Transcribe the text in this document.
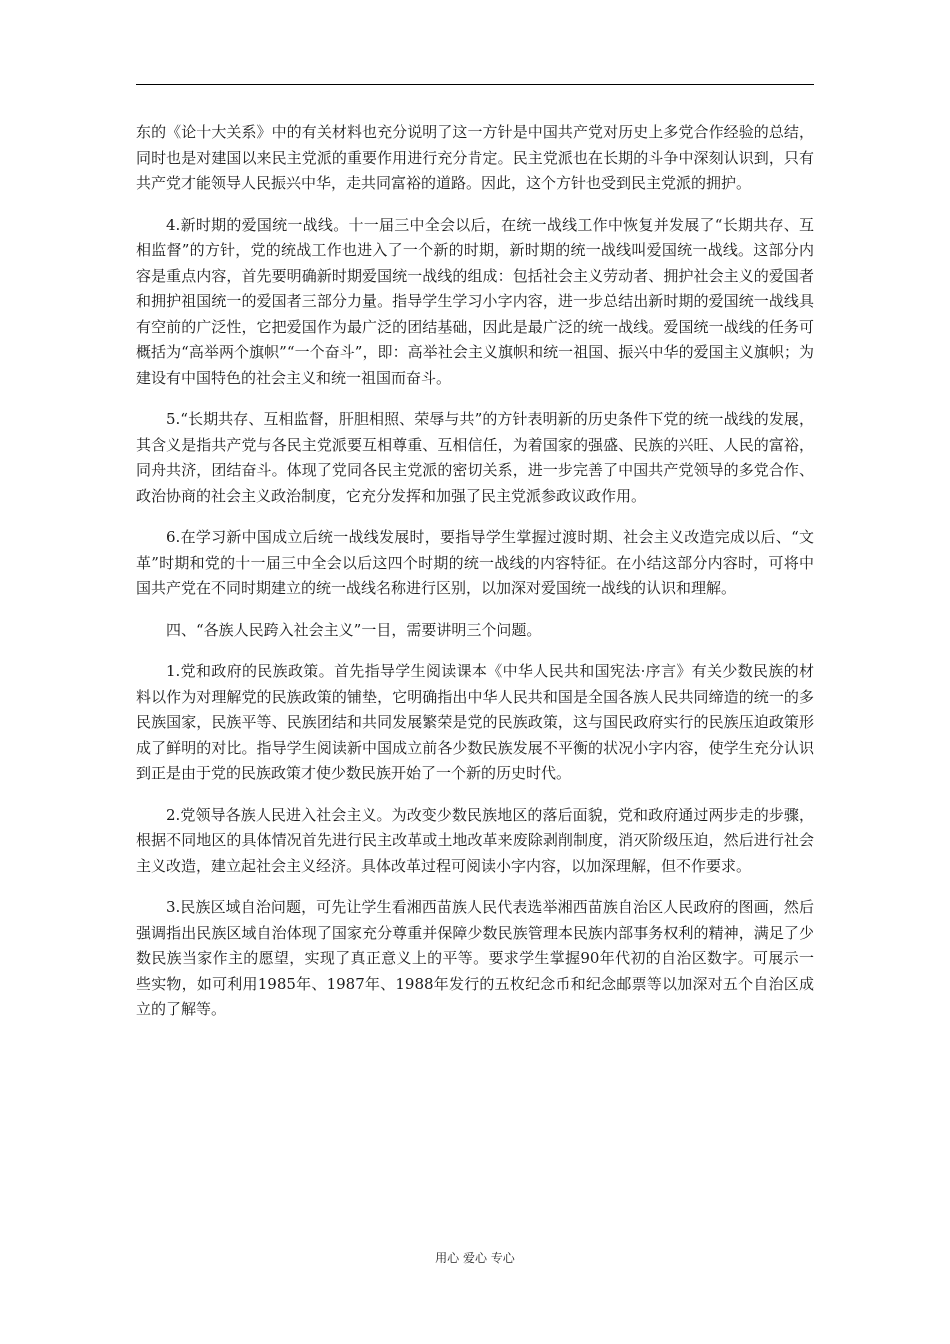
东的《论十大关系》中的有关材料也充分说明了这一方针是中国共产党对历史上多党合作经验的总结，同时也是对建国以来民主党派的重要作用进行充分肯定。民主党派也在长期的斗争中深刻认识到，只有共产党才能领导人民振兴中华，走共同富裕的道路。因此，这个方针也受到民主党派的拥护。

4.新时期的爱国统一战线。十一届三中全会以后，在统一战线工作中恢复并发展了“长期共存、互相监督”的方针，党的统战工作也进入了一个新的时期，新时期的统一战线叫爱国统一战线。这部分内容是重点内容，首先要明确新时期爱国统一战线的组成：包括社会主义劳动者、拥护社会主义的爱国者和拥护祖国统一的爱国者三部分力量。指导学生学习小字内容，进一步总结出新时期的爱国统一战线具有空前的广泛性，它把爱国作为最广泛的团结基础，因此是最广泛的统一战线。爱国统一战线的任务可概括为“高举两个旗帜”“一个奋斗”，即：高举社会主义旗帜和统一祖国、振兴中华的爱国主义旗帜；为建设有中国特色的社会主义和统一祖国而奋斗。

5.“长期共存、互相监督，肝胆相照、荣辱与共”的方针表明新的历史条件下党的统一战线的发展，其含义是指共产党与各民主党派要互相尊重、互相信任，为着国家的强盛、民族的兴旺、人民的富裕，同舟共济，团结奋斗。体现了党同各民主党派的密切关系，进一步完善了中国共产党领导的多党合作、政治协商的社会主义政治制度，它充分发挥和加强了民主党派参政议政作用。

6.在学习新中国成立后统一战线发展时，要指导学生掌握过渡时期、社会主义改造完成以后、“文革”时期和党的十一届三中全会以后这四个时期的统一战线的内容特征。在小结这部分内容时，可将中国共产党在不同时期建立的统一战线名称进行区别，以加深对爱国统一战线的认识和理解。

四、“各族人民跨入社会主义”一目，需要讲明三个问题。

1.党和政府的民族政策。首先指导学生阅读课本《中华人民共和国宪法·序言》有关少数民族的材料以作为对理解党的民族政策的铺垫，它明确指出中华人民共和国是全国各族人民共同缔造的统一的多民族国家，民族平等、民族团结和共同发展繁荣是党的民族政策，这与国民政府实行的民族压迫政策形成了鲜明的对比。指导学生阅读新中国成立前各少数民族发展不平衡的状况小字内容，使学生充分认识到正是由于党的民族政策才使少数民族开始了一个新的历史时代。

2.党领导各族人民进入社会主义。为改变少数民族地区的落后面貌，党和政府通过两步走的步骤，根据不同地区的具体情况首先进行民主改革或土地改革来废除剥削制度，消灭阶级压迫，然后进行社会主义改造，建立起社会主义经济。具体改革过程可阅读小字内容，以加深理解，但不作要求。

3.民族区域自治问题，可先让学生看湘西苗族人民代表选举湘西苗族自治区人民政府的图画，然后强调指出民族区域自治体现了国家充分尊重并保障少数民族管理本民族内部事务权利的精神，满足了少数民族当家作主的愿望，实现了真正意义上的平等。要求学生掌握90年代初的自治区数字。可展示一些实物，如可利用1985年、1987年、1988年发行的五枚纪念币和纪念邮票等以加深对五个自治区成立的了解等。

用心 爱心 专心
